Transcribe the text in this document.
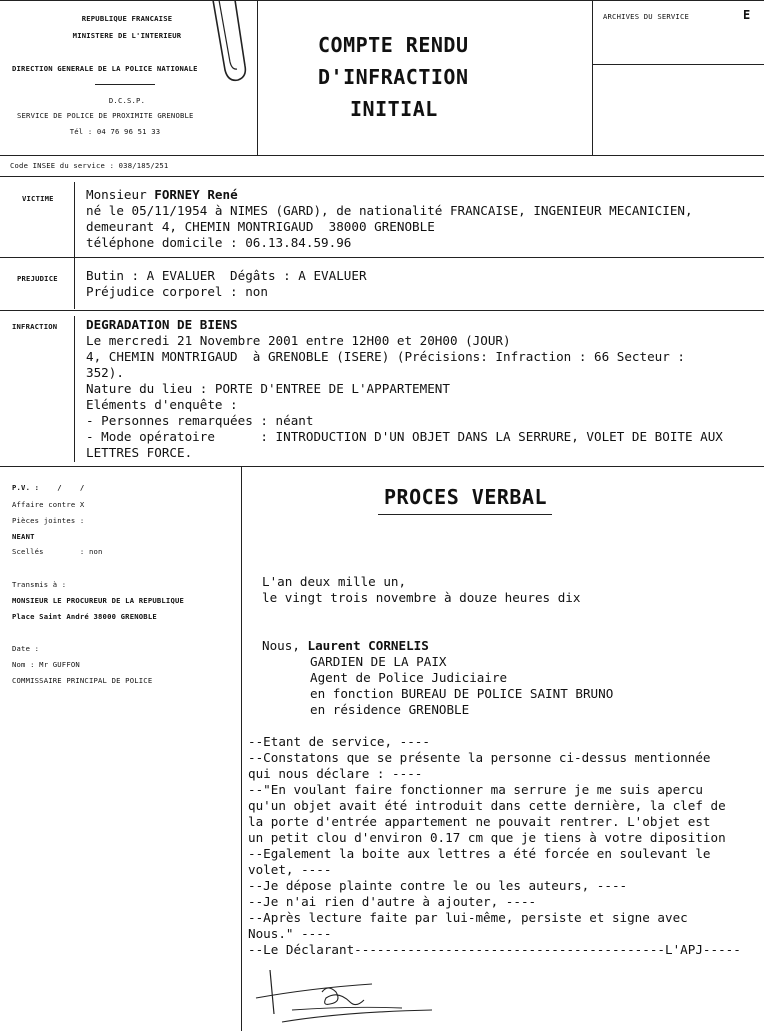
REPUBLIQUE FRANCAISE
MINISTERE DE L'INTERIEUR
DIRECTION GENERALE DE LA POLICE NATIONALE
D.C.S.P.
SERVICE DE POLICE DE PROXIMITE GRENOBLE
Tél : 04 76 96 51 33
Code INSEE du service : 038/185/251
COMPTE RENDU
D'INFRACTION
INITIAL
ARCHIVES DU SERVICE	E
VICTIME	Monsieur FORNEY René
né le 05/11/1954 à NIMES (GARD), de nationalité FRANCAISE, INGENIEUR MECANICIEN,
demeurant 4, CHEMIN MONTRIGAUD  38000 GRENOBLE
téléphone domicile : 06.13.84.59.96
PREJUDICE Butin : A EVALUER  Dégâts : A EVALUER
Préjudice corporel : non
INFRACTION DEGRADATION DE BIENS
Le mercredi 21 Novembre 2001 entre 12H00 et 20H00 (JOUR)
4, CHEMIN MONTRIGAUD  à GRENOBLE (ISERE) (Précisions: Infraction : 66 Secteur :
352).
Nature du lieu : PORTE D'ENTREE DE L'APPARTEMENT
Eléments d'enquête :
- Personnes remarquées : néant
- Mode opératoire      : INTRODUCTION D'UN OBJET DANS LA SERRURE, VOLET DE BOITE AUX
LETTRES FORCE.
P.V. :    /    /
Affaire contre X
Pièces jointes :
NEANT
Scellés        : non
Transmis à :
MONSIEUR LE PROCUREUR DE LA REPUBLIQUE
Place Saint André 38000 GRENOBLE
Date :
Nom : Mr GUFFON
COMMISSAIRE PRINCIPAL DE POLICE
PROCES VERBAL
L'an deux mille un,
le vingt trois novembre à douze heures dix
Nous, Laurent CORNELIS
GARDIEN DE LA PAIX
Agent de Police Judiciaire
en fonction BUREAU DE POLICE SAINT BRUNO
en résidence GRENOBLE
--Etant de service, ----
--Constatons que se présente la personne ci-dessus mentionnée
qui nous déclare : ----
--"En voulant faire fonctionner ma serrure je me suis apercu
qu'un objet avait été introduit dans cette dernière, la clef de
la porte d'entrée appartement ne pouvait rentrer. L'objet est
un petit clou d'environ 0.17 cm que je tiens à votre diposition
--Egalement la boite aux lettres a été forcée en soulevant le
volet, ----
--Je dépose plainte contre le ou les auteurs, ----
--Je n'ai rien d'autre à ajouter, ----
--Après lecture faite par lui-même, persiste et signe avec
Nous." ----
--Le Déclarant-----------------------------------------L'APJ-----
